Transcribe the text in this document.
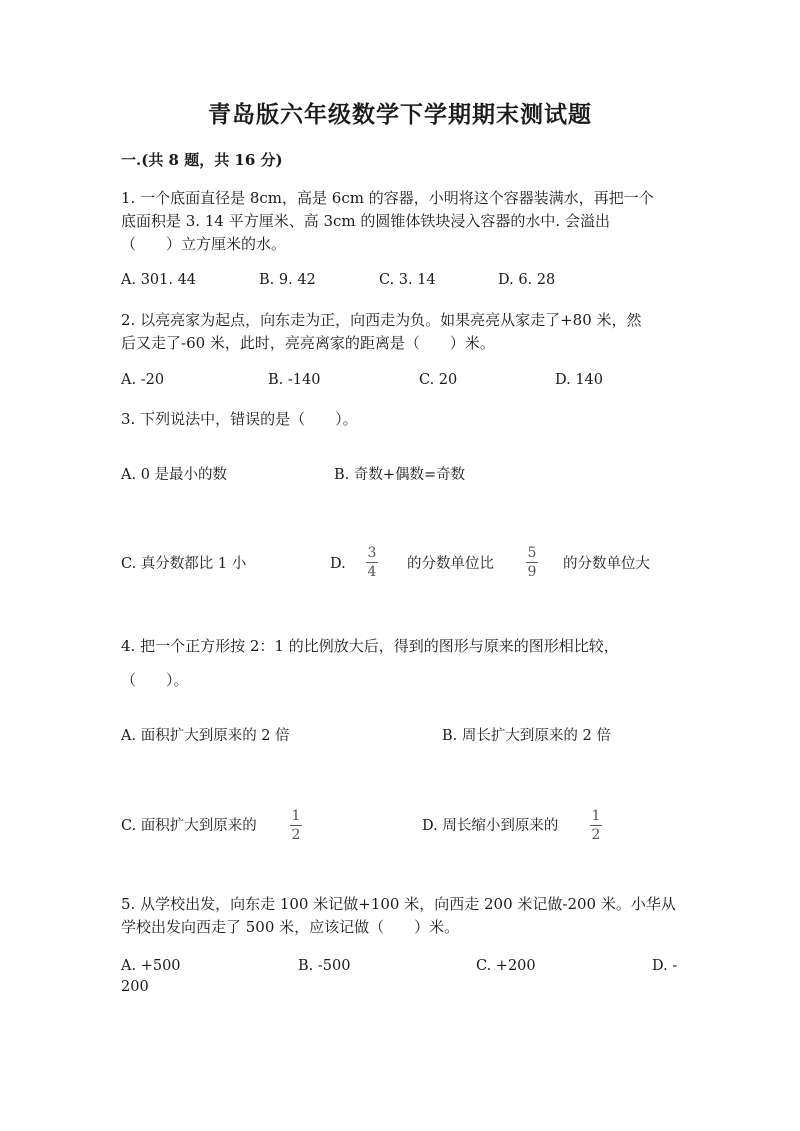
青岛版六年级数学下学期期末测试题
一.(共 8 题，共 16 分)
1. 一个底面直径是 8cm，高是 6cm 的容器，小明将这个容器装满水，再把一个
底面积是 3. 14 平方厘米、高 3cm 的圆锥体铁块浸入容器的水中. 会溢出
（　　）立方厘米的水。
A. 301. 44	B. 9. 42	C. 3. 14	D. 6. 28
2. 以亮亮家为起点，向东走为正，向西走为负。如果亮亮从家走了+80 米，然
后又走了-60 米，此时，亮亮离家的距离是（　　）米。
A. -20	B. -140	C. 20	D. 140
3. 下列说法中，错误的是（　　）。
A. 0 是最小的数	B. 奇数+偶数=奇数
C. 真分数都比 1 小	D.
3
4 的分数单位比
5
9 的分数单位大
4. 把一个正方形按 2：1 的比例放大后，得到的图形与原来的图形相比较，
（　　）。
A. 面积扩大到原来的 2 倍	B. 周长扩大到原来的 2 倍
C. 面积扩大到原来的
1
2
D. 周长缩小到原来的
1
2
5. 从学校出发，向东走 100 米记做+100 米，向西走 200 米记做-200 米。小华从
学校出发向西走了 500 米，应该记做（　　）米。
A. +500	B. -500	C. +200	D. -
200
